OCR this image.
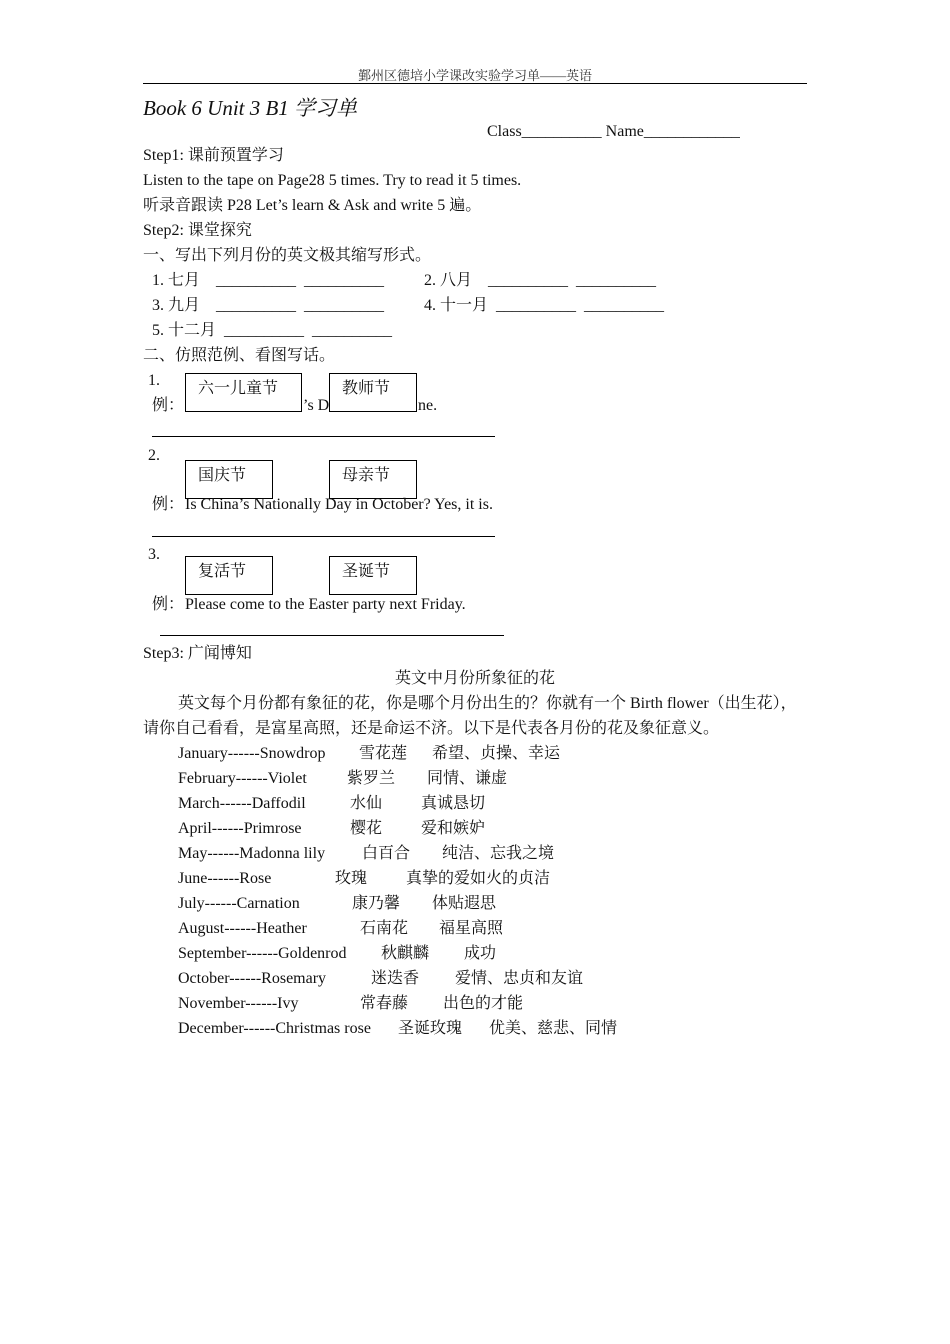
鄞州区德培小学课改实验学习单——英语
Book 6 Unit 3 B1 学习单
Class__________ Name____________
Step1: 课前预置学习
Listen to the tape on Page28 5 times. Try to read it 5 times.
听录音跟读 P28 Let’s learn & Ask and write 5 遍。
Step2: 课堂探究
一、写出下列月份的英文极其缩写形式。
1. 七月    __________  __________ 2. 八月    __________  __________
3. 九月    __________  __________ 4. 十一月  __________  __________
5. 十二月  __________  __________
二、仿照范例、看图写话。
1.
例：	’s D	ne.
六一儿童节	教师节
2.
国庆节	母亲节
例： Is China’s Nationally Day in October? Yes, it is.
3.
复活节	圣诞节
例： Please come to the Easter party next Friday.
Step3: 广闻博知
英文中月份所象征的花
英文每个月份都有象征的花，你是哪个月份出生的？你就有一个 Birth flower（出生花），
请你自己看看，是富星高照，还是命运不济。以下是代表各月份的花及象征意义。
January------Snowdrop 雪花莲 希望、贞操、幸运
February------Violet	紫罗兰 同情、谦虚
March------Daffodil	水仙 真诚恳切
April------Primrose	樱花 爱和嫉妒
May------Madonna lily 白百合 纯洁、忘我之境
June------Rose	玫瑰 真挚的爱如火的贞洁
July------Carnation	康乃馨 体贴遐思
August------Heather	石南花 福星高照
September------Goldenrod 秋麒麟 成功
October------Rosemary	迷迭香 爱情、忠贞和友谊
November------Ivy	常春藤 出色的才能
December------Christmas rose 圣诞玫瑰 优美、慈悲、同情
